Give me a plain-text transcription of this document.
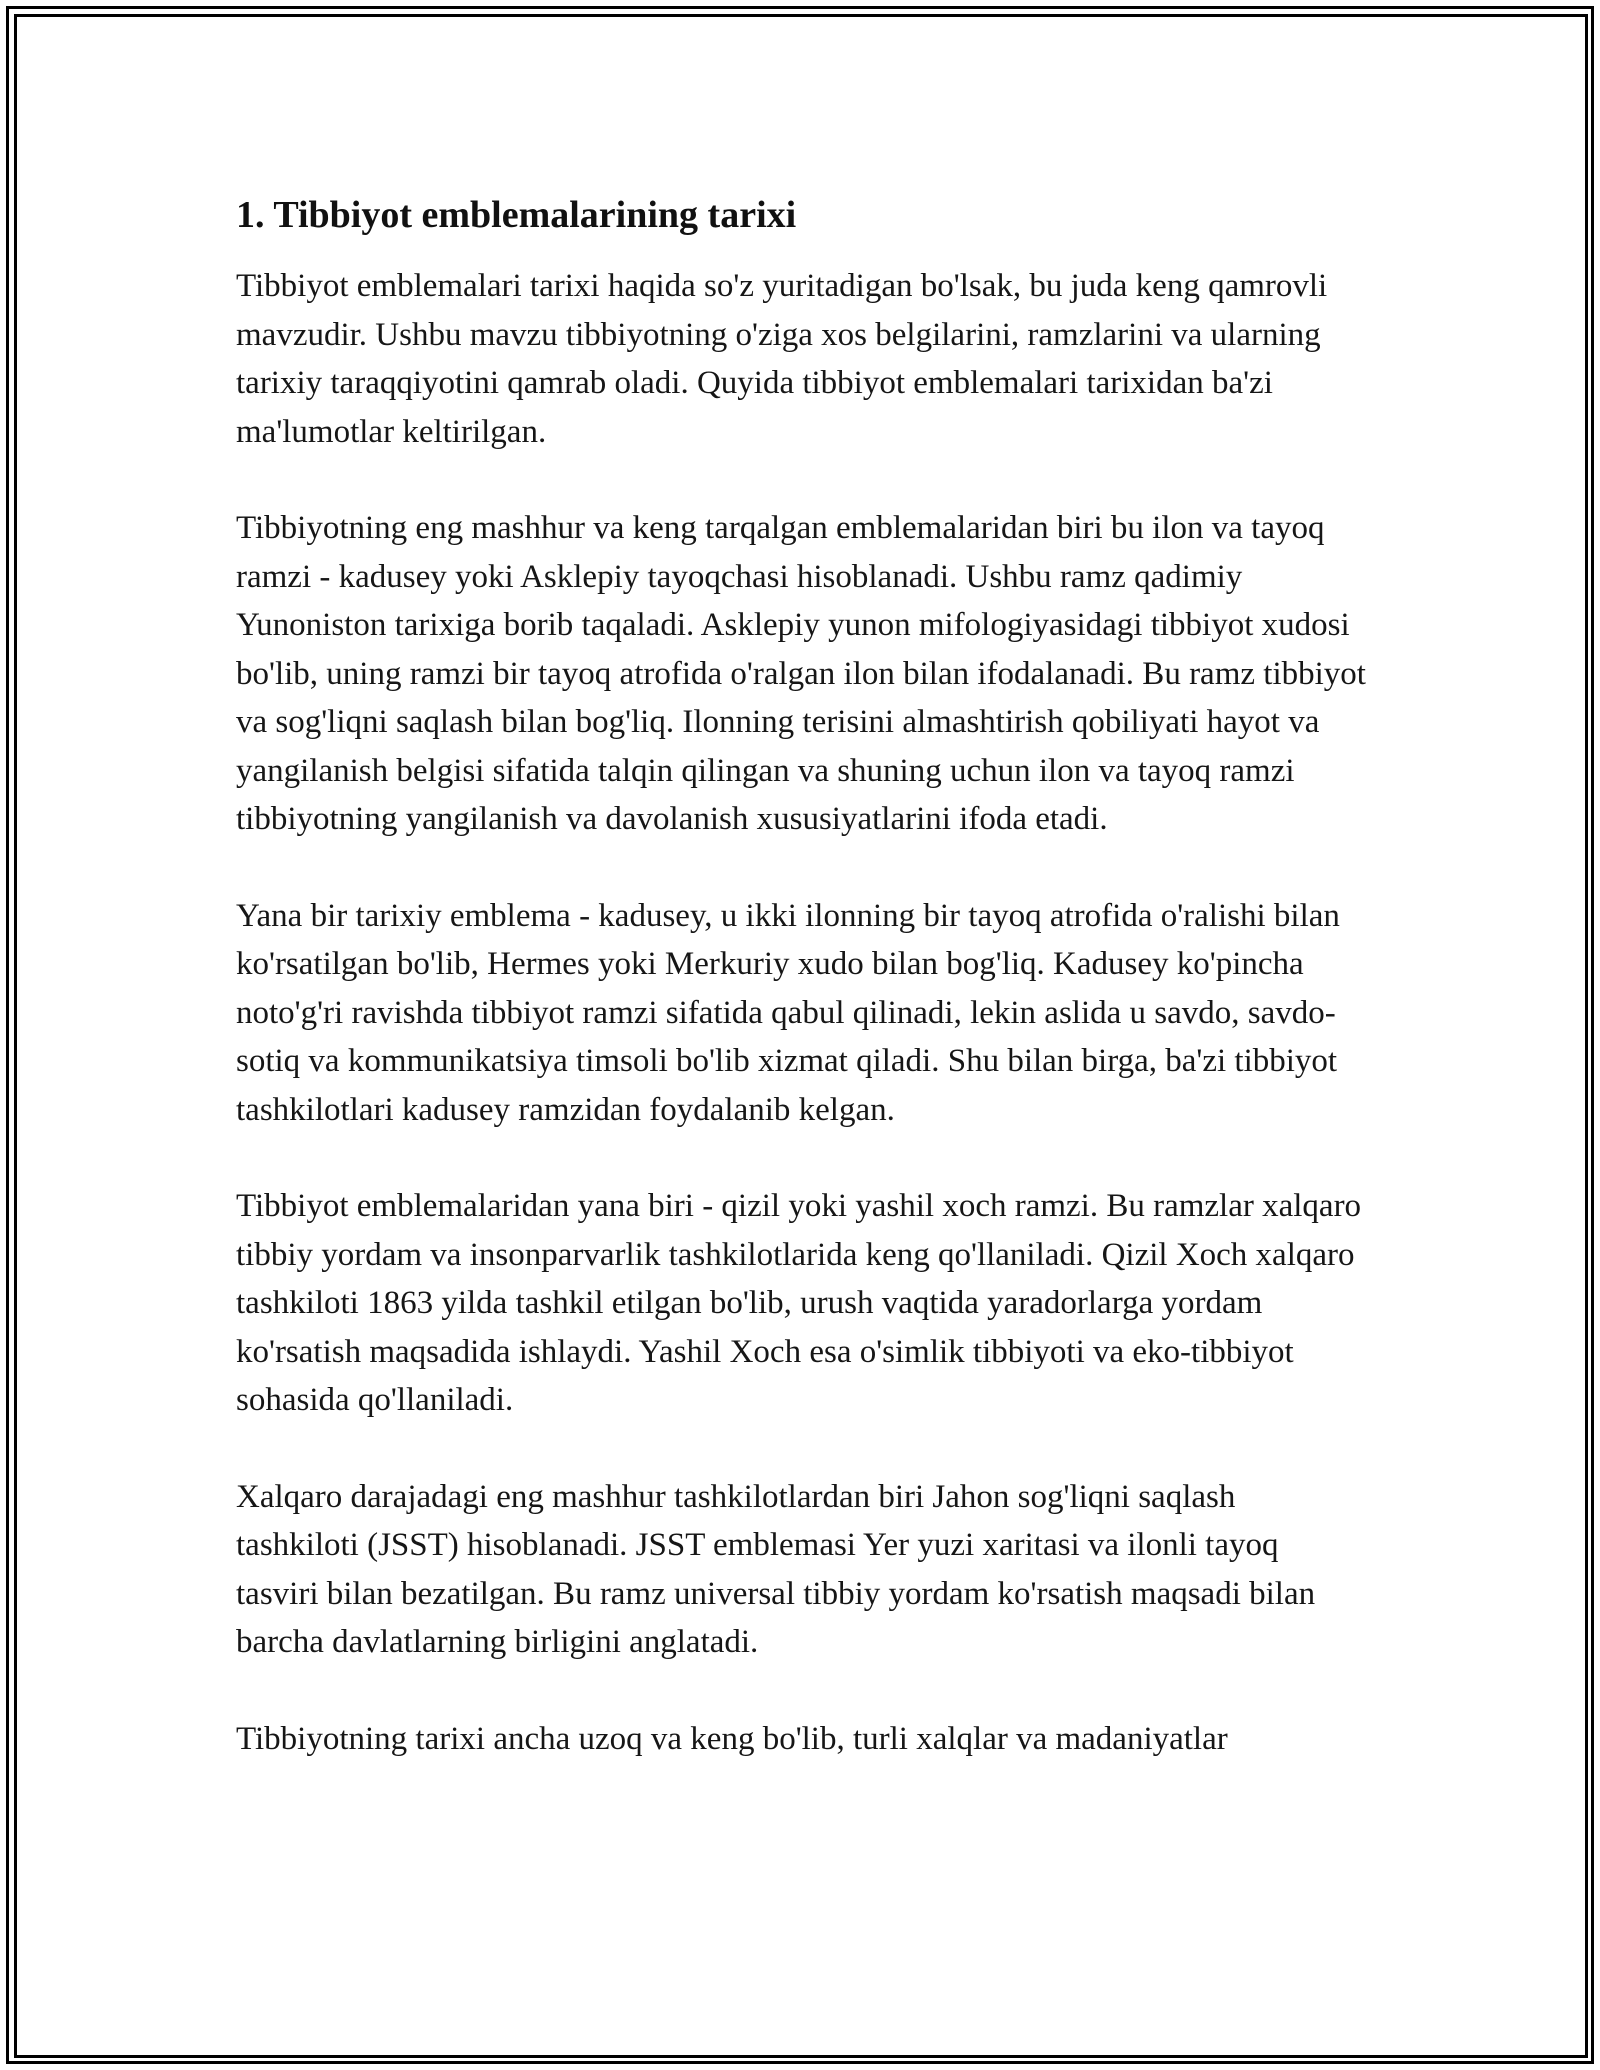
1. Tibbiyot emblemalarining tarixi

Tibbiyot emblemalari tarixi haqida so'z yuritadigan bo'lsak, bu juda keng qamrovli mavzudir. Ushbu mavzu tibbiyotning o'ziga xos belgilarini, ramzlarini va ularning tarixiy taraqqiyotini qamrab oladi. Quyida tibbiyot emblemalari tarixidan ba'zi ma'lumotlar keltirilgan.

Tibbiyotning eng mashhur va keng tarqalgan emblemalaridan biri bu ilon va tayoq ramzi - kadusey yoki Asklepiy tayoqchasi hisoblanadi. Ushbu ramz qadimiy Yunoniston tarixiga borib taqaladi. Asklepiy yunon mifologiyasidagi tibbiyot xudosi bo'lib, uning ramzi bir tayoq atrofida o'ralgan ilon bilan ifodalanadi. Bu ramz tibbiyot va sog'liqni saqlash bilan bog'liq. Ilonning terisini almashtirish qobiliyati hayot va yangilanish belgisi sifatida talqin qilingan va shuning uchun ilon va tayoq ramzi tibbiyotning yangilanish va davolanish xususiyatlarini ifoda etadi.

Yana bir tarixiy emblema - kadusey, u ikki ilonning bir tayoq atrofida o'ralishi bilan ko'rsatilgan bo'lib, Hermes yoki Merkuriy xudo bilan bog'liq. Kadusey ko'pincha noto'g'ri ravishda tibbiyot ramzi sifatida qabul qilinadi, lekin aslida u savdo, savdo-sotiq va kommunikatsiya timsoli bo'lib xizmat qiladi. Shu bilan birga, ba'zi tibbiyot tashkilotlari kadusey ramzidan foydalanib kelgan.

Tibbiyot emblemalaridan yana biri - qizil yoki yashil xoch ramzi. Bu ramzlar xalqaro tibbiy yordam va insonparvarlik tashkilotlarida keng qo'llaniladi. Qizil Xoch xalqaro tashkiloti 1863 yilda tashkil etilgan bo'lib, urush vaqtida yaradorlarga yordam ko'rsatish maqsadida ishlaydi. Yashil Xoch esa o'simlik tibbiyoti va eko-tibbiyot sohasida qo'llaniladi.

Xalqaro darajadagi eng mashhur tashkilotlardan biri Jahon sog'liqni saqlash tashkiloti (JSST) hisoblanadi. JSST emblemasi Yer yuzi xaritasi va ilonli tayoq tasviri bilan bezatilgan. Bu ramz universal tibbiy yordam ko'rsatish maqsadi bilan barcha davlatlarning birligini anglatadi.

Tibbiyotning tarixi ancha uzoq va keng bo'lib, turli xalqlar va madaniyatlar
